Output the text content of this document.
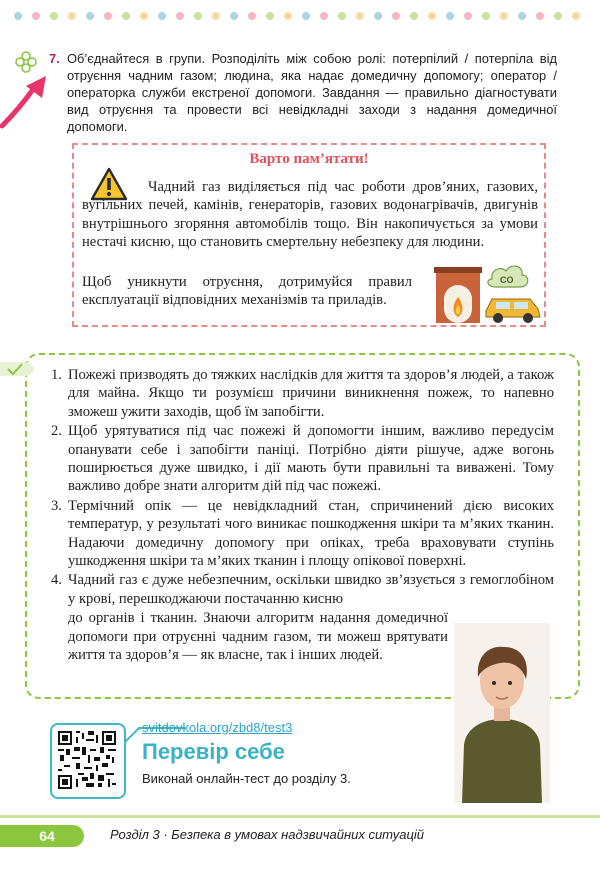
7. Об’єднайтеся в групи. Розподіліть між собою ролі: потерпілий / потерпіла від отруєння чадним газом; людина, яка надає домедичну допомогу; оператор / операторка служби екстреної допомоги. Завдання — правильно діагностувати вид отруєння та провести всі невідкладні заходи з надання домедичної допомоги.
Варто пам’ятати!
Чадний газ виділяється під час роботи дров’яних, газових, вугільних печей, камінів, генераторів, газових водонагрівачів, двигунів внутрішнього згоряння автомобілів тощо. Він накопичується за умови нестачі кисню, що становить смертельну небезпеку для людини.
Щоб уникнути отруєння, дотримуйся правил експлуатації відповідних механізмів та приладів.
CO
1. Пожежі призводять до тяжких наслідків для життя та здоров’я людей, а також для майна. Якщо ти розумієш причини виникнення пожеж, то напевно зможеш ужити заходів, щоб їм запобігти.
2. Щоб урятуватися під час пожежі й допомогти іншим, важливо передусім опанувати себе і запобігти паніці. Потрібно діяти рішуче, адже вогонь поширюється дуже швидко, і дії мають бути правильні та виважені. Тому важливо добре знати алгоритм дій під час пожежі.
3. Термічний опік — це невідкладний стан, спричинений дією високих температур, у результаті чого виникає пошкодження шкіри та м’яких тканин. Надаючи домедичну допомогу при опіках, треба враховувати ступінь ушкодження шкіри та м’яких тканин і площу опікової поверхні.
4. Чадний газ є дуже небезпечним, оскільки швидко зв’язується з гемоглобіном у крові, перешкоджаючи постачанню кисню
до органів і тканин. Знаючи алгоритм надання домедичної допомоги при отруєнні чадним газом, ти можеш врятувати життя та здоров’я — як власне, так і інших людей.
svitdovkola.org/zbd8/test3
Перевір себе
Виконай онлайн-тест до розділу 3.
64	Розділ 3 · Безпека в умовах надзвичайних ситуацій
